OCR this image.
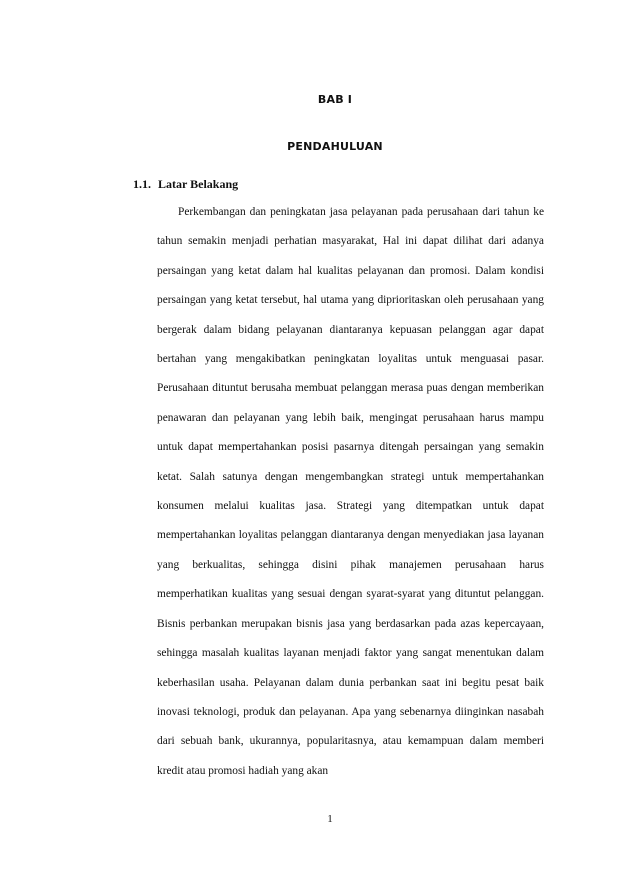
BAB I
PENDAHULUAN
1.1. Latar Belakang

Perkembangan dan peningkatan jasa pelayanan pada perusahaan dari tahun ke tahun semakin menjadi perhatian masyarakat, Hal ini dapat dilihat dari adanya persaingan yang ketat dalam hal kualitas pelayanan dan promosi. Dalam kondisi persaingan yang ketat tersebut, hal utama yang diprioritaskan oleh perusahaan yang bergerak dalam bidang pelayanan diantaranya kepuasan pelanggan agar dapat bertahan yang mengakibatkan peningkatan loyalitas untuk menguasai pasar. Perusahaan dituntut berusaha membuat pelanggan merasa puas dengan memberikan penawaran dan pelayanan yang lebih baik, mengingat perusahaan harus mampu untuk dapat mempertahankan posisi pasarnya ditengah persaingan yang semakin ketat. Salah satunya dengan mengembangkan strategi untuk mempertahankan konsumen melalui kualitas jasa. Strategi yang ditempatkan untuk dapat mempertahankan loyalitas pelanggan diantaranya dengan menyediakan jasa layanan yang berkualitas, sehingga disini pihak manajemen perusahaan harus memperhatikan kualitas yang sesuai dengan syarat-syarat yang dituntut pelanggan. Bisnis perbankan merupakan bisnis jasa yang berdasarkan pada azas kepercayaan, sehingga masalah kualitas layanan menjadi faktor yang sangat menentukan dalam keberhasilan usaha. Pelayanan dalam dunia perbankan saat ini begitu pesat baik inovasi teknologi, produk dan pelayanan. Apa yang sebenarnya diinginkan nasabah dari sebuah bank, ukurannya, popularitasnya, atau kemampuan dalam memberi kredit atau promosi hadiah yang akan

1
